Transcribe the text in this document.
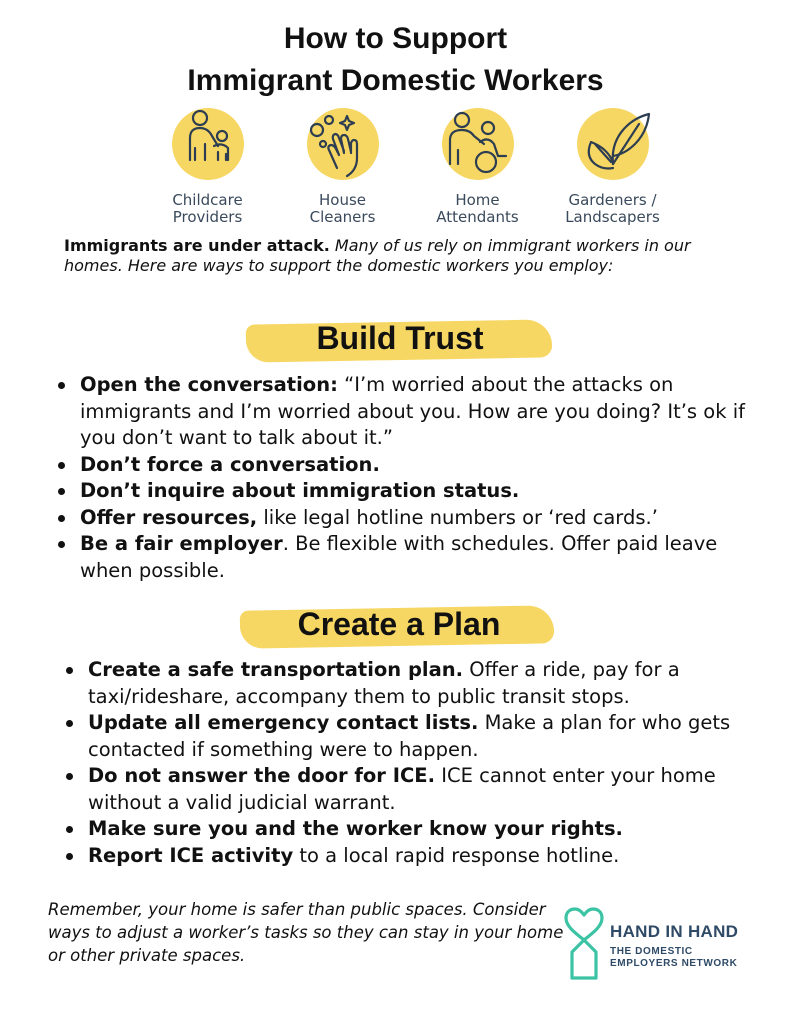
How to Support
Immigrant Domestic Workers
Childcare
Providers
House
Cleaners
Home
Attendants
Gardeners /
Landscapers
Immigrants are under attack. Many of us rely on immigrant workers in our homes. Here are ways to support the domestic workers you employ:
Build Trust
Open the conversation: “I’m worried about the attacks on immigrants and I’m worried about you. How are you doing? It’s ok if you don’t want to talk about it.”
Don’t force a conversation.
Don’t inquire about immigration status.
Offer resources, like legal hotline numbers or ‘red cards.’
Be a fair employer. Be flexible with schedules. Offer paid leave when possible.
Create a Plan
Create a safe transportation plan. Offer a ride, pay for a taxi/rideshare, accompany them to public transit stops.
Update all emergency contact lists. Make a plan for who gets contacted if something were to happen.
Do not answer the door for ICE. ICE cannot enter your home without a valid judicial warrant.
Make sure you and the worker know your rights.
Report ICE activity to a local rapid response hotline.
Remember, your home is safer than public spaces. Consider ways to adjust a worker’s tasks so they can stay in your home or other private spaces.
HAND IN HAND
THE DOMESTIC
EMPLOYERS NETWORK
